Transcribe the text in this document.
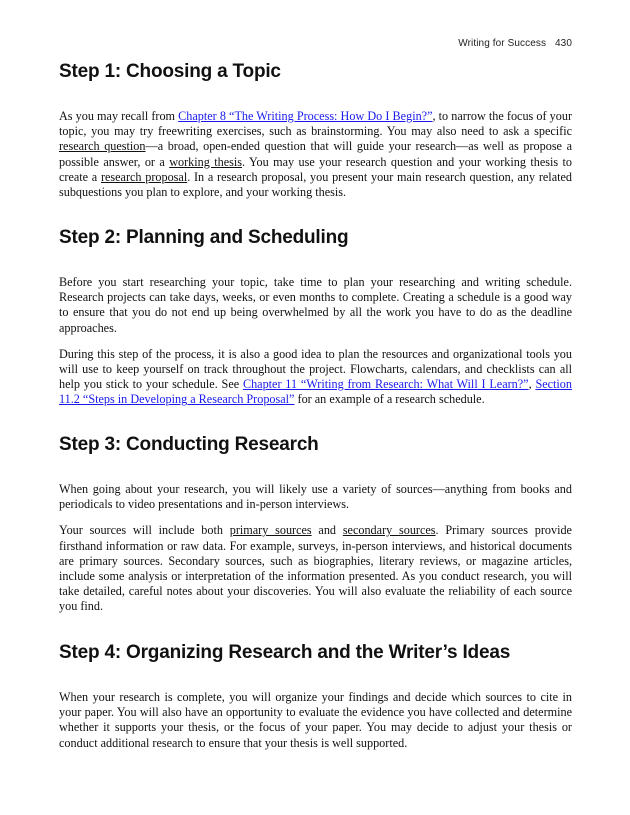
Writing for Success 430
Step 1: Choosing a Topic

As you may recall from Chapter 8 “The Writing Process: How Do I Begin?”, to narrow the focus of your topic, you may try freewriting exercises, such as brainstorming. You may also need to ask a specific research question—a broad, open-ended question that will guide your research—as well as propose a possible answer, or a working thesis. You may use your research question and your working thesis to create a research proposal. In a research proposal, you present your main research question, any related subquestions you plan to explore, and your working thesis.

Step 2: Planning and Scheduling

Before you start researching your topic, take time to plan your researching and writing schedule. Research projects can take days, weeks, or even months to complete. Creating a schedule is a good way to ensure that you do not end up being overwhelmed by all the work you have to do as the deadline approaches.

During this step of the process, it is also a good idea to plan the resources and organizational tools you will use to keep yourself on track throughout the project. Flowcharts, calendars, and checklists can all help you stick to your schedule. See Chapter 11 “Writing from Research: What Will I Learn?”, Section 11.2 “Steps in Developing a Research Proposal” for an example of a research schedule.

Step 3: Conducting Research

When going about your research, you will likely use a variety of sources—anything from books and periodicals to video presentations and in-person interviews.

Your sources will include both primary sources and secondary sources. Primary sources provide firsthand information or raw data. For example, surveys, in-person interviews, and historical documents are primary sources. Secondary sources, such as biographies, literary reviews, or magazine articles, include some analysis or interpretation of the information presented. As you conduct research, you will take detailed, careful notes about your discoveries. You will also evaluate the reliability of each source you find.

Step 4: Organizing Research and the Writer’s Ideas

When your research is complete, you will organize your findings and decide which sources to cite in your paper. You will also have an opportunity to evaluate the evidence you have collected and determine whether it supports your thesis, or the focus of your paper. You may decide to adjust your thesis or conduct additional research to ensure that your thesis is well supported.
